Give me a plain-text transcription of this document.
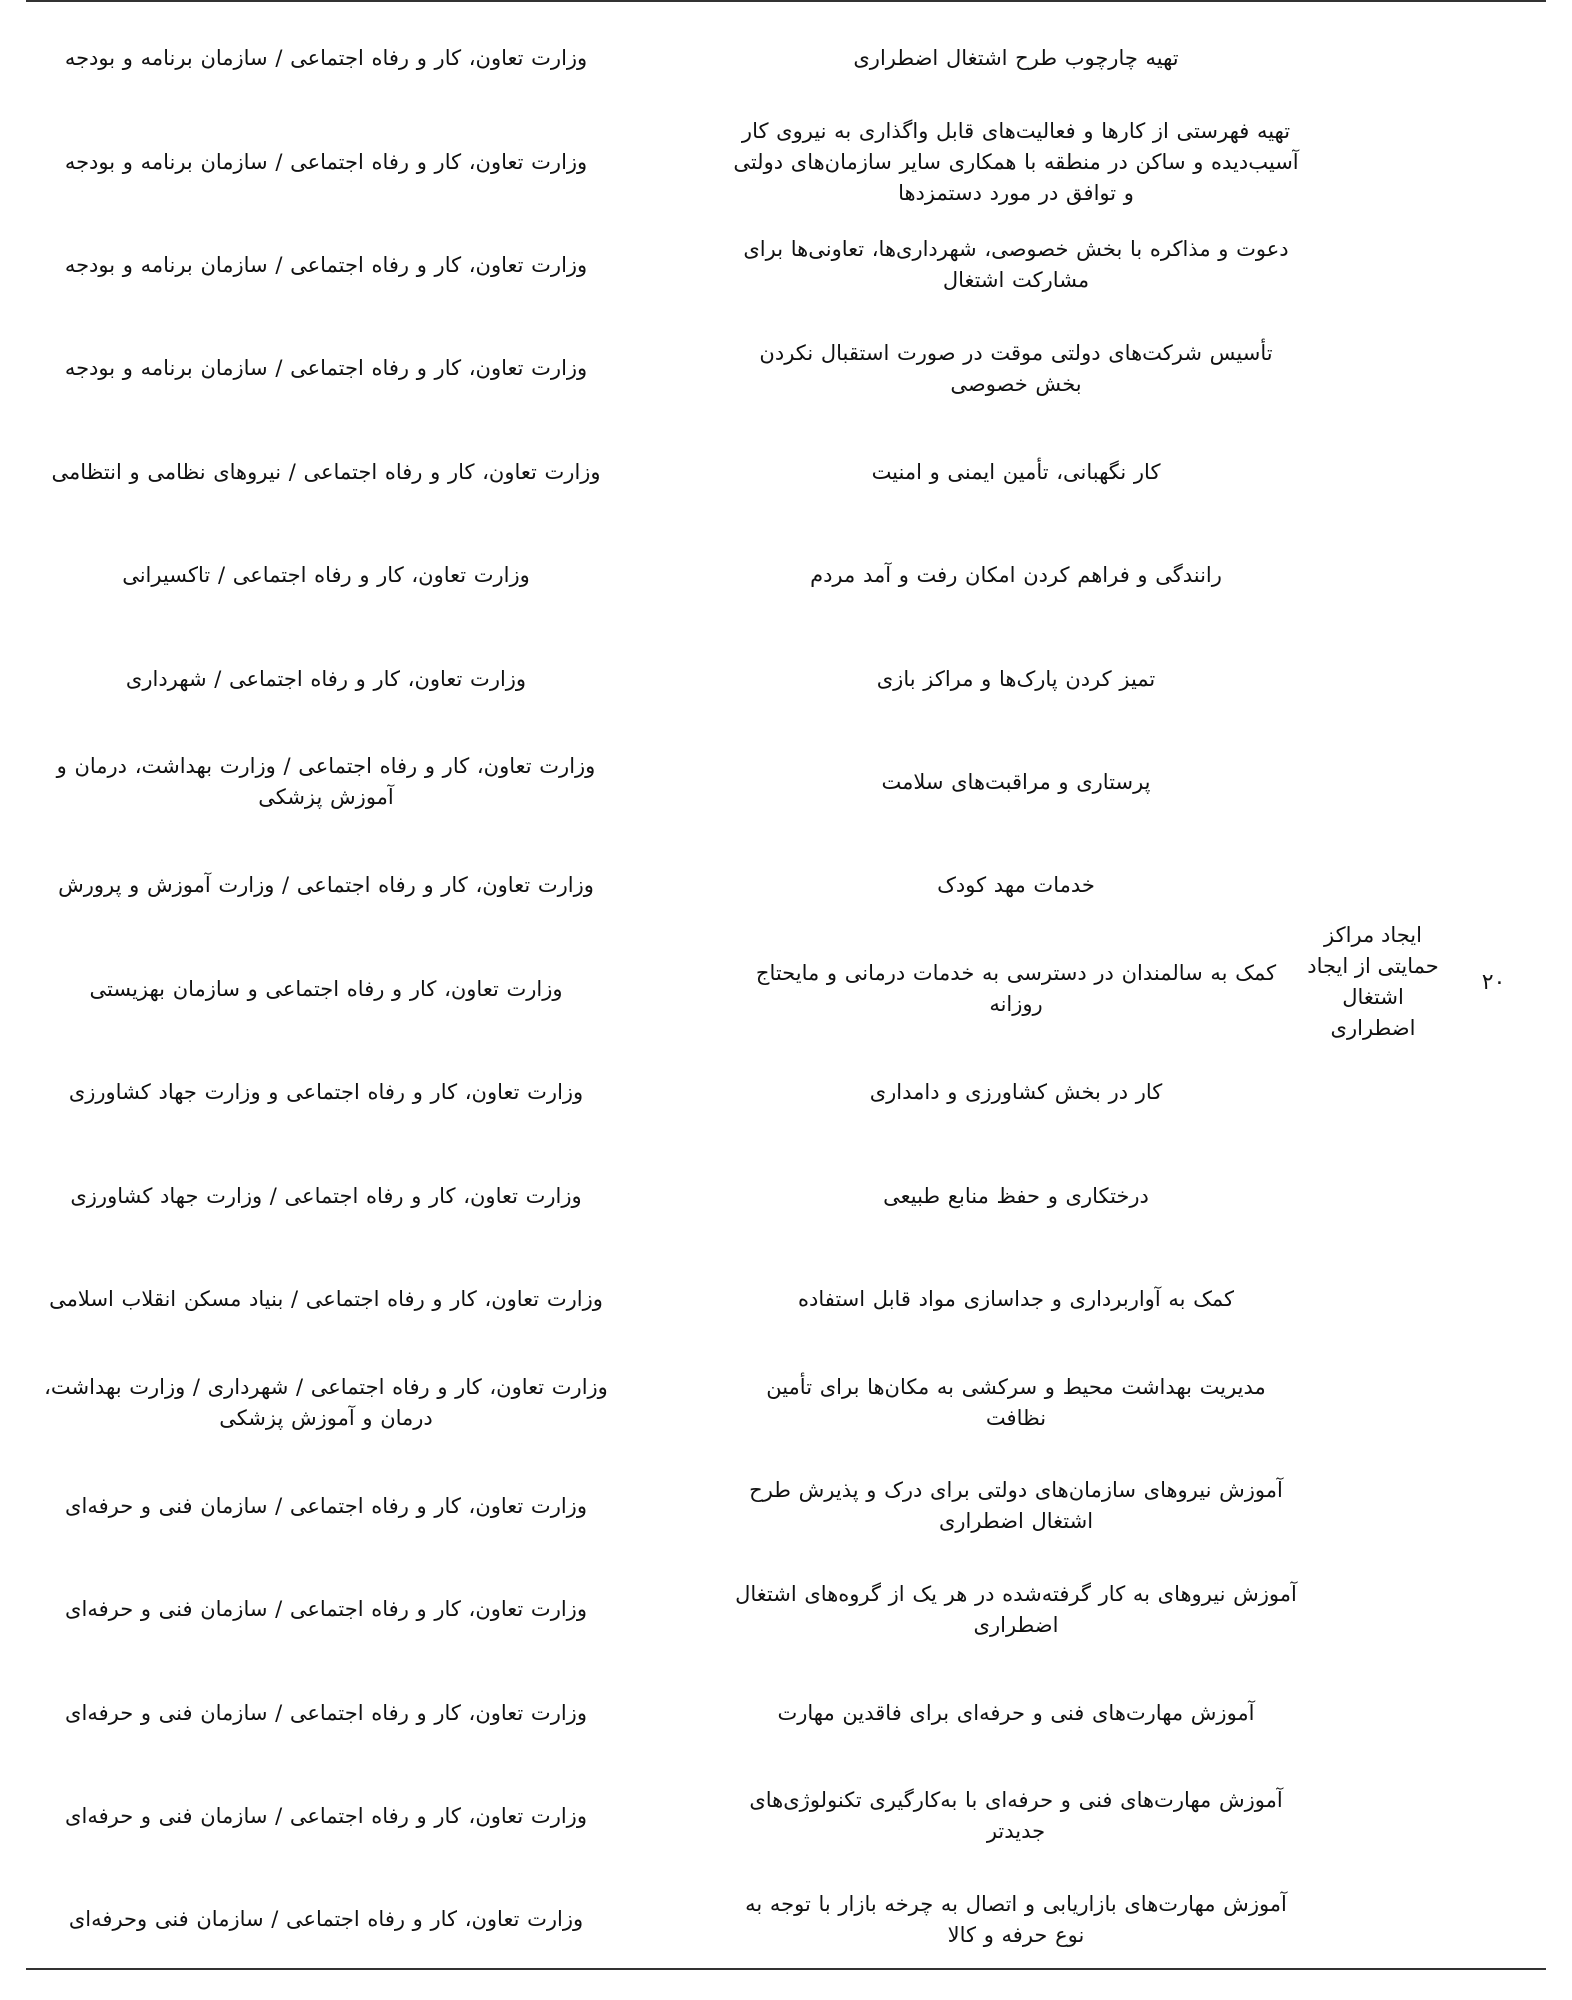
۲۰
ایجاد مراکز حمایتی از ایجاد اشتغال اضطراری
تهیه چارچوب طرح اشتغال اضطراری
وزارت تعاون، کار و رفاه اجتماعی / سازمان برنامه و بودجه
تهیه فهرستی از کارها و فعالیت‌های قابل واگذاری به نیروی کار آسیب‌دیده و ساکن در منطقه با همکاری سایر سازمان‌های دولتی و توافق در مورد دستمزدها
وزارت تعاون، کار و رفاه اجتماعی / سازمان برنامه و بودجه
دعوت و مذاکره با بخش خصوصی، شهرداری‌ها، تعاونی‌ها برای مشارکت اشتغال
وزارت تعاون، کار و رفاه اجتماعی / سازمان برنامه و بودجه
تأسیس شرکت‌های دولتی موقت در صورت استقبال نکردن بخش خصوصی
وزارت تعاون، کار و رفاه اجتماعی / سازمان برنامه و بودجه
کار نگهبانی، تأمین ایمنی و امنیت
وزارت تعاون، کار و رفاه اجتماعی / نیروهای نظامی و انتظامی
رانندگی و فراهم کردن امکان رفت و آمد مردم
وزارت تعاون، کار و رفاه اجتماعی / تاکسیرانی
تمیز کردن پارک‌ها و مراکز بازی
وزارت تعاون، کار و رفاه اجتماعی / شهرداری
پرستاری و مراقبت‌های سلامت
وزارت تعاون، کار و رفاه اجتماعی / وزارت بهداشت، درمان و آموزش پزشکی
خدمات مهد کودک
وزارت تعاون، کار و رفاه اجتماعی / وزارت آموزش و پرورش
کمک به سالمندان در دسترسی به خدمات درمانی و مایحتاج روزانه
وزارت تعاون، کار و رفاه اجتماعی و سازمان بهزیستی
کار در بخش کشاورزی و دامداری
وزارت تعاون، کار و رفاه اجتماعی و وزارت جهاد کشاورزی
درختکاری و حفظ منابع طبیعی
وزارت تعاون، کار و رفاه اجتماعی / وزارت جهاد کشاورزی
کمک به آواربرداری و جداسازی مواد قابل استفاده
وزارت تعاون، کار و رفاه اجتماعی / بنیاد مسکن انقلاب اسلامی
مدیریت بهداشت محیط و سرکشی به مکان‌ها برای تأمین نظافت
وزارت تعاون، کار و رفاه اجتماعی / شهرداری / وزارت بهداشت، درمان و آموزش پزشکی
آموزش نیروهای سازمان‌های دولتی برای درک و پذیرش طرح اشتغال اضطراری
وزارت تعاون، کار و رفاه اجتماعی / سازمان فنی و حرفه‌ای
آموزش نیروهای به کار گرفته‌شده در هر یک از گروه‌های اشتغال اضطراری
وزارت تعاون، کار و رفاه اجتماعی / سازمان فنی و حرفه‌ای
آموزش مهارت‌های فنی و حرفه‌ای برای فاقدین مهارت
وزارت تعاون، کار و رفاه اجتماعی / سازمان فنی و حرفه‌ای
آموزش مهارت‌های فنی و حرفه‌ای با به‌کارگیری تکنولوژی‌های جدیدتر
وزارت تعاون، کار و رفاه اجتماعی / سازمان فنی و حرفه‌ای
آموزش مهارت‌های بازاریابی و اتصال به چرخه بازار با توجه به نوع حرفه و کالا
وزارت تعاون، کار و رفاه اجتماعی / سازمان فنی وحرفه‌ای
